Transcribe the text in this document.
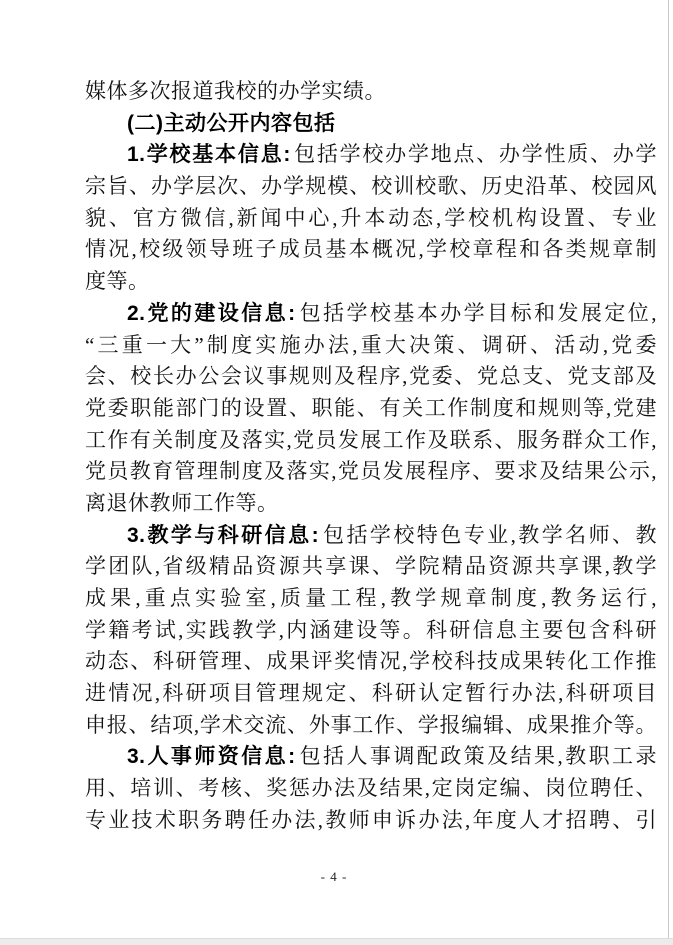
媒体多次报道我校的办学实绩。
(二)主动公开内容包括
1.学校基本信息:包括学校办学地点、办学性质、办学
宗旨、办学层次、办学规模、校训校歌、历史沿革、校园风
貌、官方微信,新闻中心,升本动态,学校机构设置、专业
情况,校级领导班子成员基本概况,学校章程和各类规章制
度等。
2.党的建设信息:包括学校基本办学目标和发展定位,
“三重一大”制度实施办法,重大决策、调研、活动,党委
会、校长办公会议事规则及程序,党委、党总支、党支部及
党委职能部门的设置、职能、有关工作制度和规则等,党建
工作有关制度及落实,党员发展工作及联系、服务群众工作,
党员教育管理制度及落实,党员发展程序、要求及结果公示,
离退休教师工作等。
3.教学与科研信息:包括学校特色专业,教学名师、教
学团队,省级精品资源共享课、学院精品资源共享课,教学
成果,重点实验室,质量工程,教学规章制度,教务运行,
学籍考试,实践教学,内涵建设等。科研信息主要包含科研
动态、科研管理、成果评奖情况,学校科技成果转化工作推
进情况,科研项目管理规定、科研认定暂行办法,科研项目
申报、结项,学术交流、外事工作、学报编辑、成果推介等。
3.人事师资信息:包括人事调配政策及结果,教职工录
用、培训、考核、奖惩办法及结果,定岗定编、岗位聘任、
专业技术职务聘任办法,教师申诉办法,年度人才招聘、引
- 4 -
